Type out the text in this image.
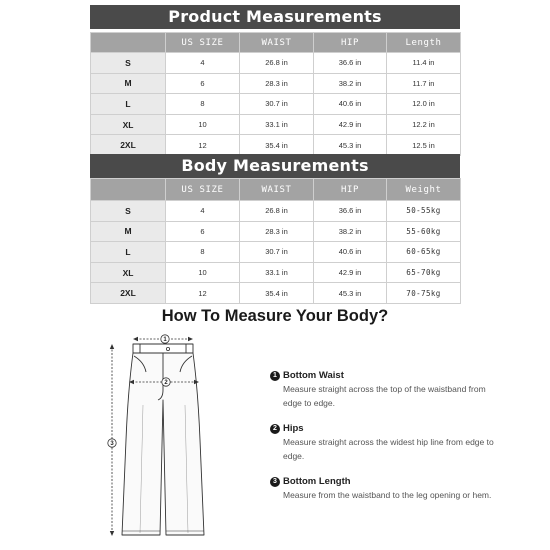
Product Measurements
	US SIZE	WAIST	HIP	Length
S	4	26.8 in	36.6 in	11.4 in
M	6	28.3 in	38.2 in	11.7 in
L	8	30.7 in	40.6 in	12.0 in
XL	10	33.1 in	42.9 in	12.2 in
2XL	12	35.4 in	45.3 in	12.5 in
Body Measurements
	US SIZE	WAIST	HIP	Weight
S	4	26.8 in	36.6 in	50-55kg
M	6	28.3 in	38.2 in	55-60kg
L	8	30.7 in	40.6 in	60-65kg
XL	10	33.1 in	42.9 in	65-70kg
2XL	12	35.4 in	45.3 in	70-75kg
How To Measure Your Body?
1
2
3
1 Bottom Waist
Measure straight across the top of the waistband from edge to edge.
2 Hips
Measure straight across the widest hip line from edge to edge.
3 Bottom Length
Measure from the waistband to the leg opening or hem.
